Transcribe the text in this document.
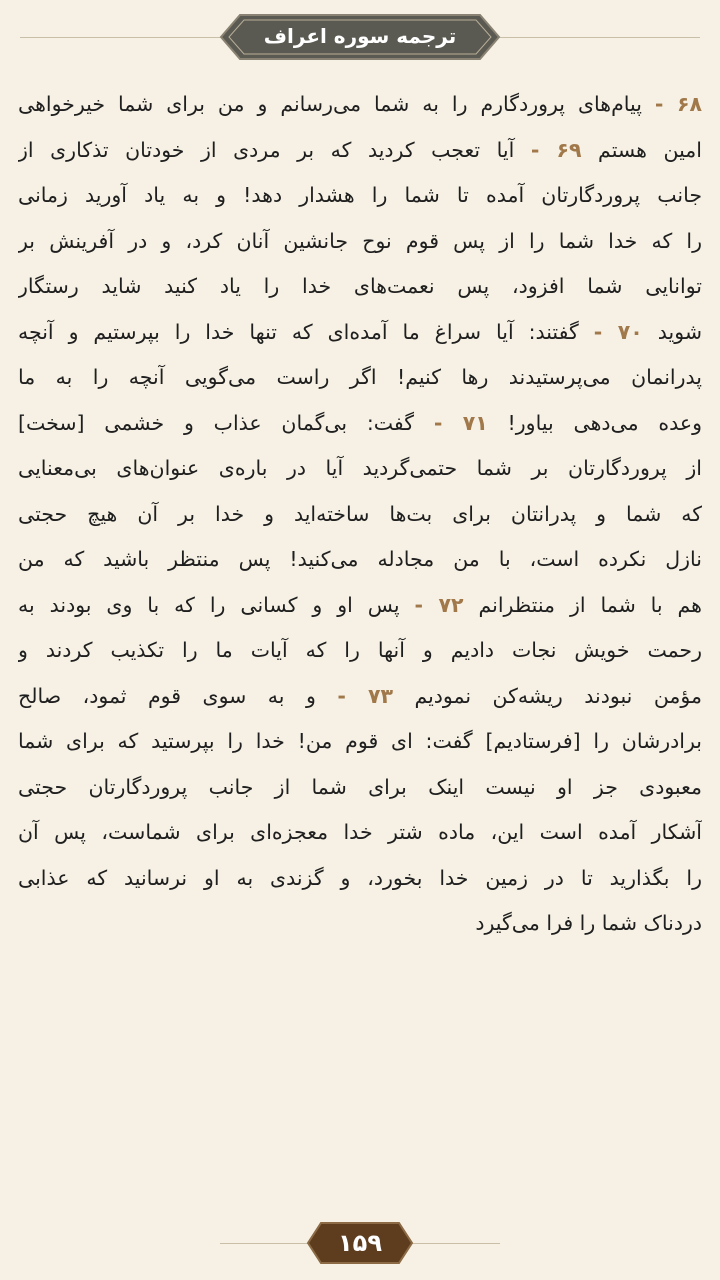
ترجمه سوره اعراف
۶۸ - پیام‌های پروردگارم را به شما می‌رسانم و من برای شما خیرخواهی
امین هستم ۶۹ - آیا تعجب کردید که بر مردی از خودتان تذکاری از
جانب پروردگارتان آمده تا شما را هشدار دهد! و به یاد آورید زمانی
را که خدا شما را از پس قوم نوح جانشین آنان کرد، و در آفرینش بر
توانایی شما افزود، پس نعمت‌های خدا را یاد کنید شاید رستگار
شوید ۷۰ - گفتند: آیا سراغ ما آمده‌ای که تنها خدا را بپرستیم و آنچه
پدرانمان می‌پرستیدند رها کنیم! اگر راست می‌گویی آنچه را به ما
وعده می‌دهی بیاور! ۷۱ - گفت: بی‌گمان عذاب و خشمی [سخت]
از پروردگارتان بر شما حتمی‌گردید آیا در باره‌ی عنوان‌های بی‌معنایی
که شما و پدرانتان برای بت‌ها ساخته‌اید و خدا بر آن هیچ حجتی
نازل نکرده است، با من مجادله می‌کنید! پس منتظر باشید که من
هم با شما از منتظرانم ۷۲ - پس او و کسانی را که با وی بودند به
رحمت خویش نجات دادیم و آنها را که آیات ما را تکذیب کردند و
مؤمن نبودند ریشه‌کن نمودیم ۷۳ - و به سوی قوم ثمود، صالح
برادرشان را [فرستادیم] گفت: ای قوم من! خدا را بپرستید که برای شما
معبودی جز او نیست اینک برای شما از جانب پروردگارتان حجتی
آشکار آمده است این، ماده شتر خدا معجزه‌ای برای شماست، پس آن
را بگذارید تا در زمین خدا بخورد، و گزندی به او نرسانید که عذابی
دردناک شما را فرا می‌گیرد
۱۵۹
